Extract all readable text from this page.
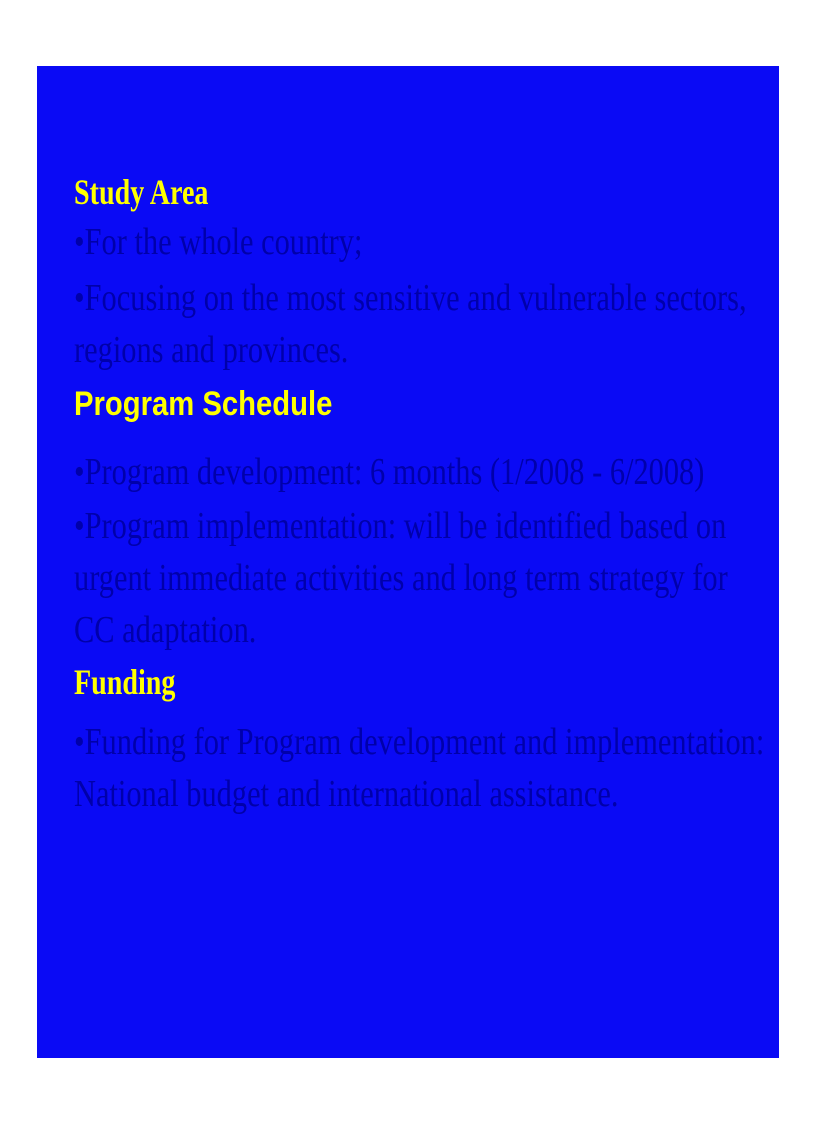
Study Area

•For the whole country;

•Focusing on the most sensitive and vulnerable sectors, regions and provinces.

Program Schedule

•Program development: 6 months (1/2008 - 6/2008)

•Program implementation: will be identified based on urgent immediate activities and long term strategy for CC adaptation.

Funding

•Funding for Program development and implementation: National budget and international assistance.
